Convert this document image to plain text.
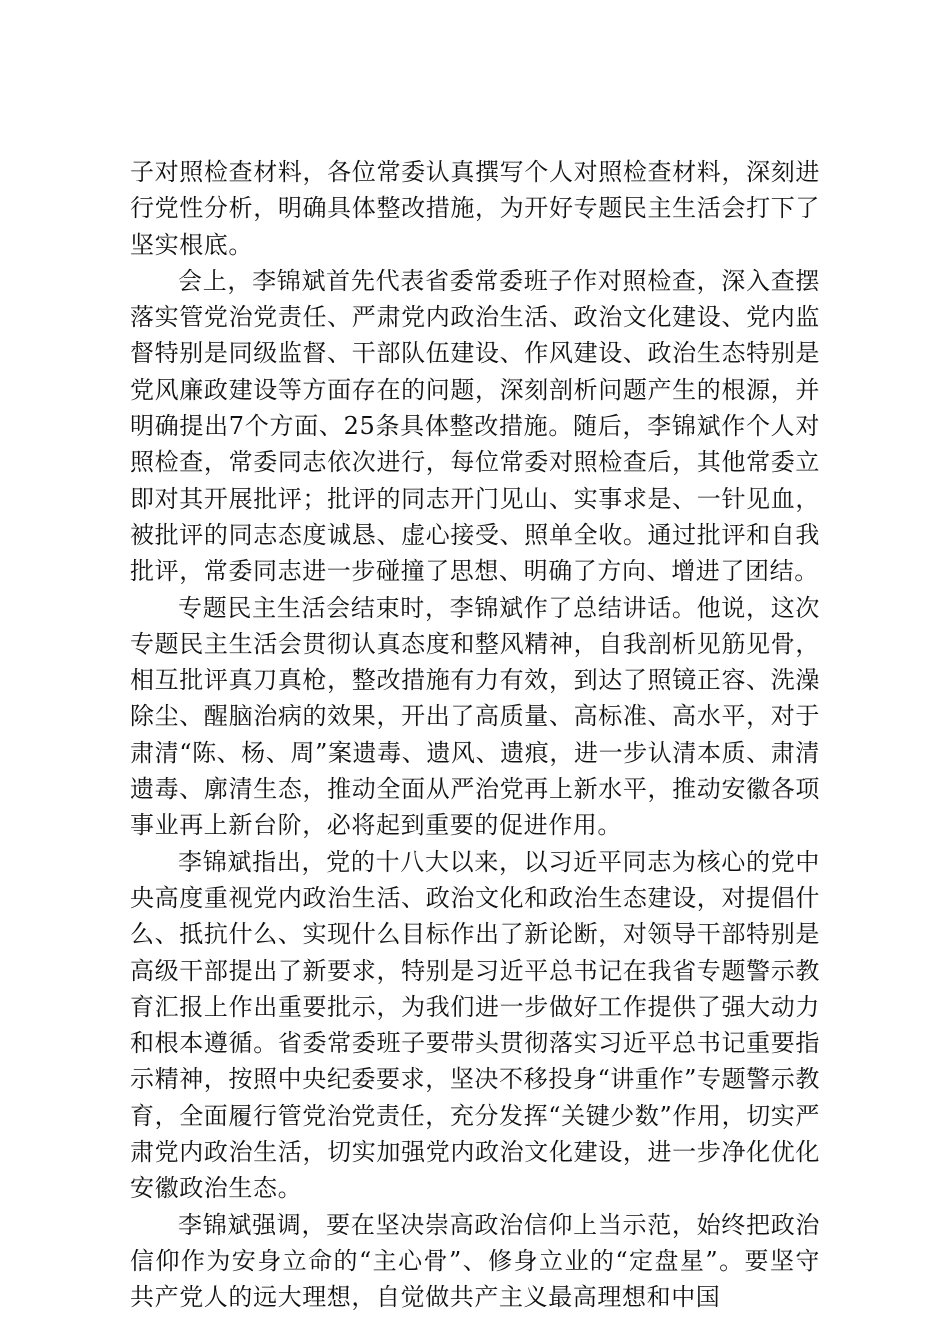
子对照检查材料，各位常委认真撰写个人对照检查材料，深刻进行党性分析，明确具体整改措施，为开好专题民主生活会打下了坚实根底。

会上，李锦斌首先代表省委常委班子作对照检查，深入查摆落实管党治党责任、严肃党内政治生活、政治文化建设、党内监督特别是同级监督、干部队伍建设、作风建设、政治生态特别是党风廉政建设等方面存在的问题，深刻剖析问题产生的根源，并明确提出7个方面、25条具体整改措施。随后，李锦斌作个人对照检查，常委同志依次进行，每位常委对照检查后，其他常委立即对其开展批评；批评的同志开门见山、实事求是、一针见血，被批评的同志态度诚恳、虚心接受、照单全收。通过批评和自我批评，常委同志进一步碰撞了思想、明确了方向、增进了团结。

专题民主生活会结束时，李锦斌作了总结讲话。他说，这次专题民主生活会贯彻认真态度和整风精神，自我剖析见筋见骨，相互批评真刀真枪，整改措施有力有效，到达了照镜正容、洗澡除尘、醒脑治病的效果，开出了高质量、高标准、高水平，对于肃清“陈、杨、周”案遗毒、遗风、遗痕，进一步认清本质、肃清遗毒、廓清生态，推动全面从严治党再上新水平，推动安徽各项事业再上新台阶，必将起到重要的促进作用。

李锦斌指出，党的十八大以来，以习近平同志为核心的党中央高度重视党内政治生活、政治文化和政治生态建设，对提倡什么、抵抗什么、实现什么目标作出了新论断，对领导干部特别是高级干部提出了新要求，特别是习近平总书记在我省专题警示教育汇报上作出重要批示，为我们进一步做好工作提供了强大动力和根本遵循。省委常委班子要带头贯彻落实习近平总书记重要指示精神，按照中央纪委要求，坚决不移投身“讲重作”专题警示教育，全面履行管党治党责任，充分发挥“关键少数”作用，切实严肃党内政治生活，切实加强党内政治文化建设，进一步净化优化安徽政治生态。

李锦斌强调，要在坚决崇高政治信仰上当示范，始终把政治信仰作为安身立命的“主心骨”、修身立业的“定盘星”。要坚守共产党人的远大理想，自觉做共产主义最高理想和中国
